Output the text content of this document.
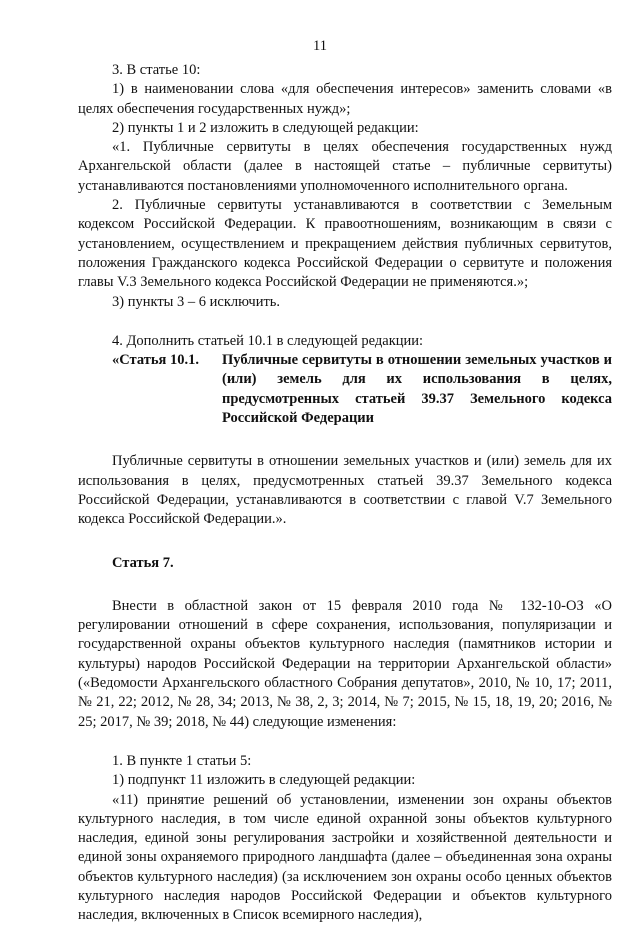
11

3. В статье 10:

1) в наименовании слова «для обеспечения интересов» заменить словами «в целях обеспечения государственных нужд»;

2) пункты 1 и 2 изложить в следующей редакции:

«1. Публичные сервитуты в целях обеспечения государственных нужд Архангельской области (далее в настоящей статье – публичные сервитуты) устанавливаются постановлениями уполномоченного исполнительного органа.

2. Публичные сервитуты устанавливаются в соответствии с Земельным кодексом Российской Федерации. К правоотношениям, возникающим в связи с установлением, осуществлением и прекращением действия публичных сервитутов, положения Гражданского кодекса Российской Федерации о сервитуте и положения главы V.3 Земельного кодекса Российской Федерации не применяются.»;

3) пункты 3 – 6 исключить.

4. Дополнить статьей 10.1 в следующей редакции:

«Статья 10.1.	Публичные сервитуты в отношении земельных участков и (или) земель для их использования в целях, предусмотренных статьей 39.37 Земельного кодекса Российской Федерации

Публичные сервитуты в отношении земельных участков и (или) земель для их использования в целях, предусмотренных статьей 39.37 Земельного кодекса Российской Федерации, устанавливаются в соответствии с главой V.7 Земельного кодекса Российской Федерации.».

Статья 7.

Внести в областной закон от 15 февраля 2010 года № 132-10-ОЗ «О регулировании отношений в сфере сохранения, использования, популяризации и государственной охраны объектов культурного наследия (памятников истории и культуры) народов Российской Федерации на территории Архангельской области» («Ведомости Архангельского областного Собрания депутатов», 2010, № 10, 17; 2011, № 21, 22; 2012, № 28, 34; 2013, № 38, 2, 3; 2014, № 7; 2015, № 15, 18, 19, 20; 2016, № 25; 2017, № 39; 2018, № 44) следующие изменения:

1. В пункте 1 статьи 5:

1) подпункт 11 изложить в следующей редакции:

«11) принятие решений об установлении, изменении зон охраны объектов культурного наследия, в том числе единой охранной зоны объектов культурного наследия, единой зоны регулирования застройки и хозяйственной деятельности и единой зоны охраняемого природного ландшафта (далее – объединенная зона охраны объектов культурного наследия) (за исключением зон охраны особо ценных объектов культурного наследия народов Российской Федерации и объектов культурного наследия, включенных в Список всемирного наследия),
